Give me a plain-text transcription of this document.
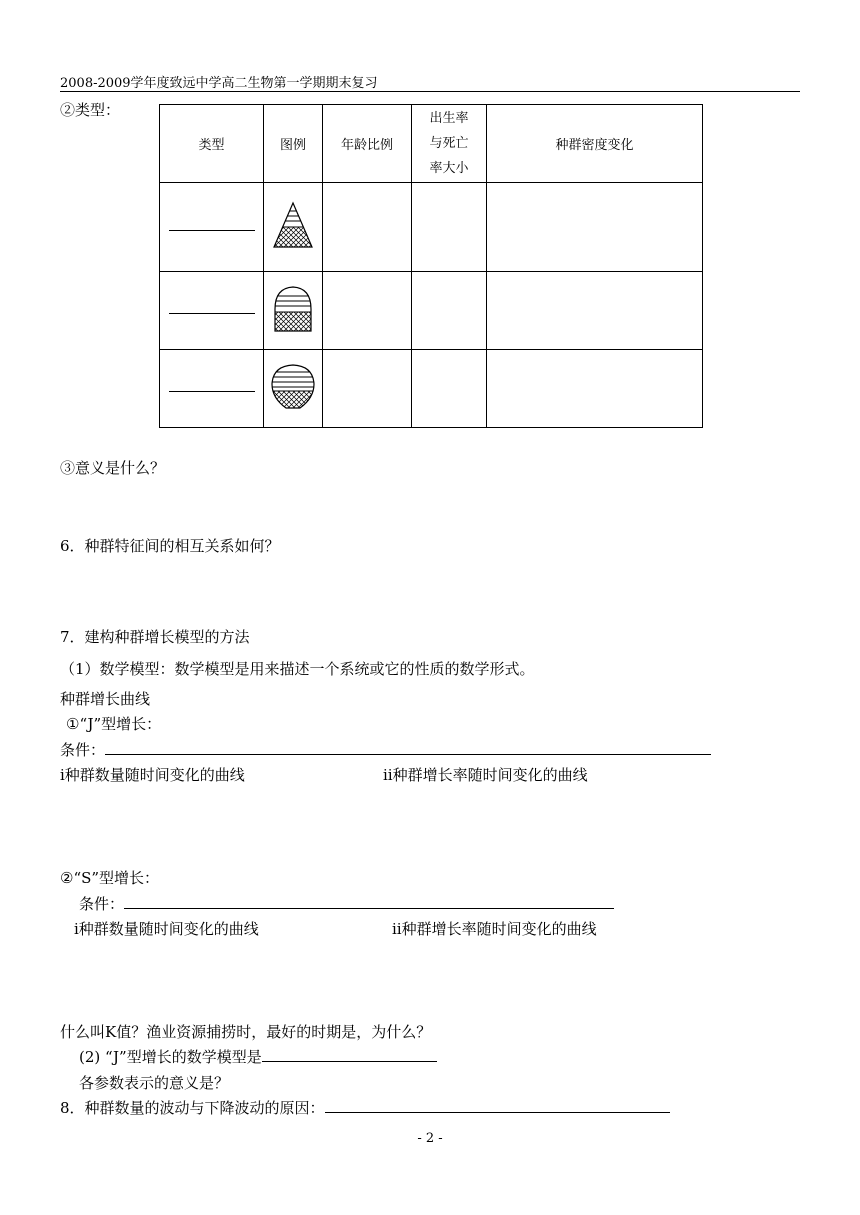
2008-2009学年度致远中学高二生物第一学期期末复习
②类型：
类型	图例	年龄比例	出生率
与死亡
率大小	种群密度变化

③意义是什么？
6．种群特征间的相互关系如何？
7．建构种群增长模型的方法
（1）数学模型：数学模型是用来描述一个系统或它的性质的数学形式。
种群增长曲线
①“J”型增长：
条件：
ⅰ种群数量随时间变化的曲线	ⅱ种群增长率随时间变化的曲线
②“S”型增长：
条件：
ⅰ种群数量随时间变化的曲线	ⅱ种群增长率随时间变化的曲线
什么叫K值？渔业资源捕捞时，最好的时期是，为什么？
(2) “J”型增长的数学模型是
各参数表示的意义是？
8．种群数量的波动与下降波动的原因：
- 2 -
